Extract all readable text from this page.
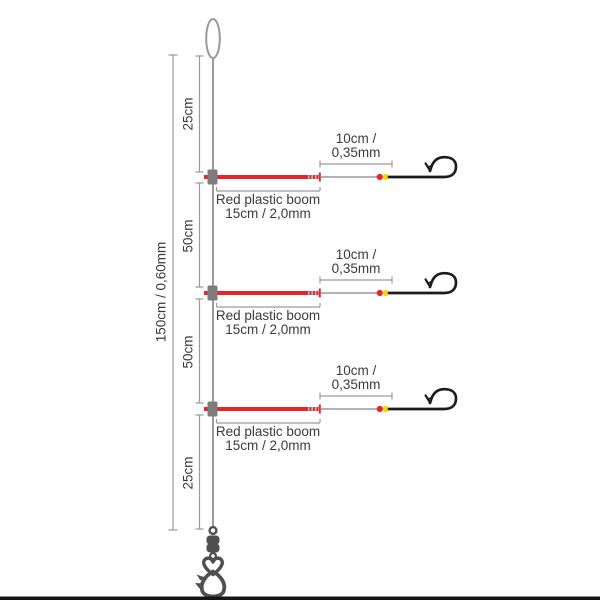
150cm / 0,60mm
25cm
50cm
50cm
25cm
10cm /
0,35mm
Red plastic boom
15cm / 2,0mm
10cm /
0,35mm
Red plastic boom
15cm / 2,0mm
10cm /
0,35mm
Red plastic boom
15cm / 2,0mm
